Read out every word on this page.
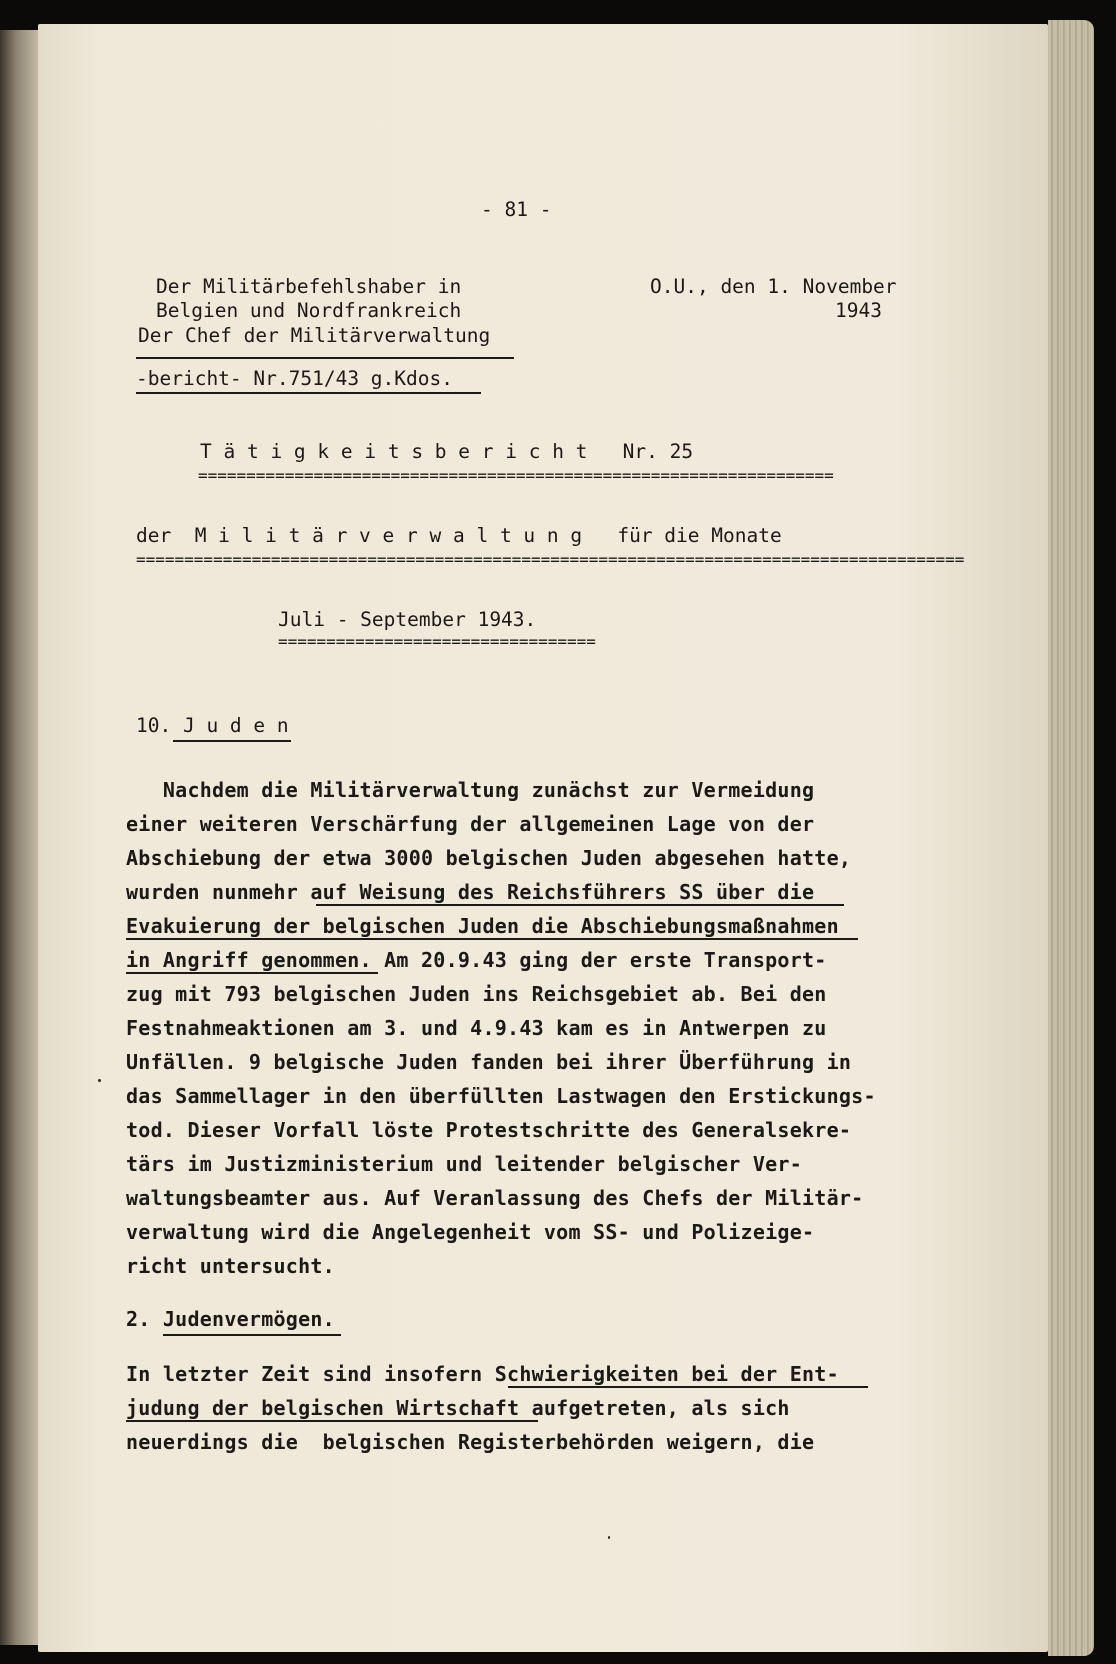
- 81 -
Der Militärbefehlshaber in
Belgien und Nordfrankreich
Der Chef der Militärverwaltung
O.U., den 1. November
1943
-bericht- Nr.751/43 g.Kdos.
T ä t i g k e i t s b e r i c h t   Nr. 25
==================================================================
der  M i l i t ä r v e r w a l t u n g   für die Monate
======================================================================================
Juli - September 1943.
=================================
10. J u d e n
Nachdem die Militärverwaltung zunächst zur Vermeidung
einer weiteren Verschärfung der allgemeinen Lage von der
Abschiebung der etwa 3000 belgischen Juden abgesehen hatte,
wurden nunmehr auf Weisung des Reichsführers SS über die
Evakuierung der belgischen Juden die Abschiebungsmaßnahmen
in Angriff genommen. Am 20.9.43 ging der erste Transport-
zug mit 793 belgischen Juden ins Reichsgebiet ab. Bei den
Festnahmeaktionen am 3. und 4.9.43 kam es in Antwerpen zu
Unfällen. 9 belgische Juden fanden bei ihrer Überführung in
das Sammellager in den überfüllten Lastwagen den Erstickungs-
tod. Dieser Vorfall löste Protestschritte des Generalsekre-
tärs im Justizministerium und leitender belgischer Ver-
waltungsbeamter aus. Auf Veranlassung des Chefs der Militär-
verwaltung wird die Angelegenheit vom SS- und Polizeige-
richt untersucht.
2. Judenvermögen.
In letzter Zeit sind insofern Schwierigkeiten bei der Ent-
judung der belgischen Wirtschaft aufgetreten, als sich
neuerdings die  belgischen Registerbehörden weigern, die
